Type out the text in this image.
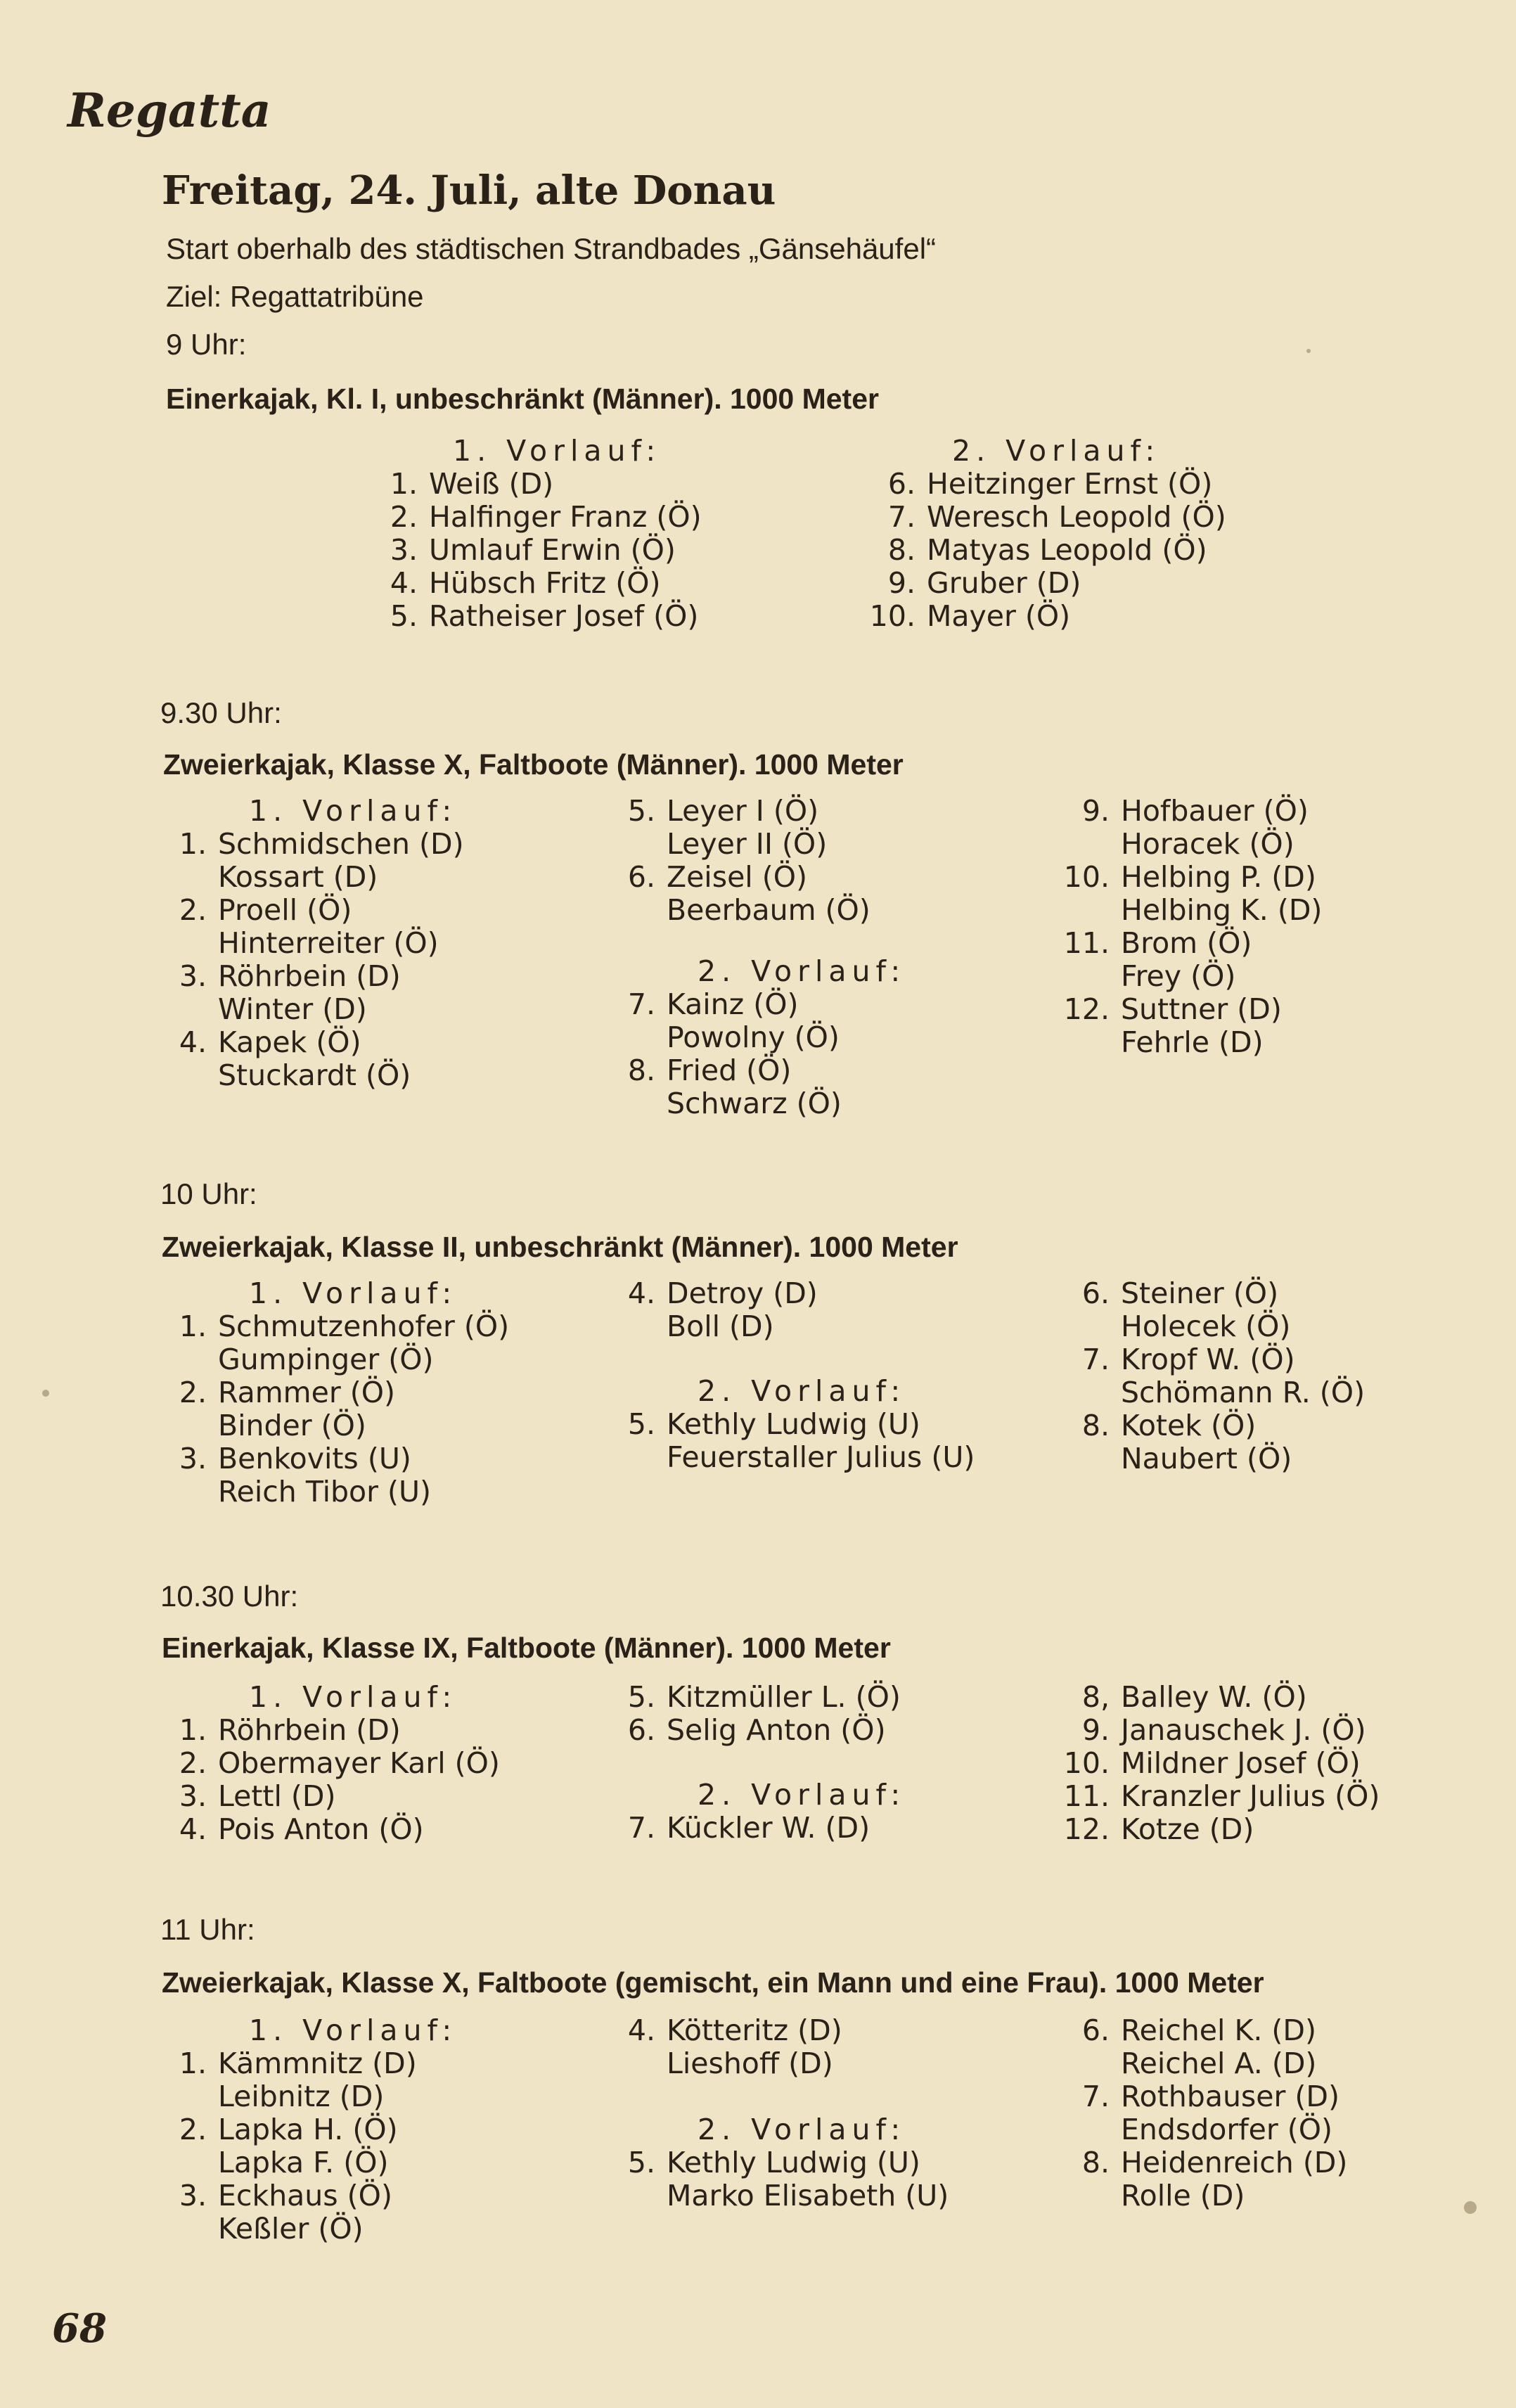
Regatta
Freitag, 24. Juli, alte Donau
Start oberhalb des städtischen Strandbades „Gänsehäufel“
Ziel: Regattatribüne
9 Uhr:
Einerkajak, Kl. I, unbeschränkt (Männer). 1000 Meter
1. Vorlauf:
1. Weiß (D)
2. Halfinger Franz (Ö)
3. Umlauf Erwin (Ö)
4. Hübsch Fritz (Ö)
5. Ratheiser Josef (Ö)
2. Vorlauf:
6. Heitzinger Ernst (Ö)
7. Weresch Leopold (Ö)
8. Matyas Leopold (Ö)
9. Gruber (D)
10. Mayer (Ö)
9.30 Uhr:
Zweierkajak, Klasse X, Faltboote (Männer). 1000 Meter
1. Vorlauf:
1. Schmidschen (D)
Kossart (D)
2. Proell (Ö)
Hinterreiter (Ö)
3. Röhrbein (D)
Winter (D)
4. Kapek (Ö)
Stuckardt (Ö)
5. Leyer I (Ö)
Leyer II (Ö)
6. Zeisel (Ö)
Beerbaum (Ö)
2. Vorlauf:
7. Kainz (Ö)
Powolny (Ö)
8. Fried (Ö)
Schwarz (Ö)
9. Hofbauer (Ö)
Horacek (Ö)
10. Helbing P. (D)
Helbing K. (D)
11. Brom (Ö)
Frey (Ö)
12. Suttner (D)
Fehrle (D)
10 Uhr:
Zweierkajak, Klasse II, unbeschränkt (Männer). 1000 Meter
1. Vorlauf:
1. Schmutzenhofer (Ö)
Gumpinger (Ö)
2. Rammer (Ö)
Binder (Ö)
3. Benkovits (U)
Reich Tibor (U)
4. Detroy (D)
Boll (D)
2. Vorlauf:
5. Kethly Ludwig (U)
Feuerstaller Julius (U)
6. Steiner (Ö)
Holecek (Ö)
7. Kropf W. (Ö)
Schömann R. (Ö)
8. Kotek (Ö)
Naubert (Ö)
10.30 Uhr:
Einerkajak, Klasse IX, Faltboote (Männer). 1000 Meter
1. Vorlauf:
1. Röhrbein (D)
2. Obermayer Karl (Ö)
3. Lettl (D)
4. Pois Anton (Ö)
5. Kitzmüller L. (Ö)
6. Selig Anton (Ö)
2. Vorlauf:
7. Kückler W. (D)
8, Balley W. (Ö)
9. Janauschek J. (Ö)
10. Mildner Josef (Ö)
11. Kranzler Julius (Ö)
12. Kotze (D)
11 Uhr:
Zweierkajak, Klasse X, Faltboote (gemischt, ein Mann und eine Frau). 1000 Meter
1. Vorlauf:
1. Kämmnitz (D)
Leibnitz (D)
2. Lapka H. (Ö)
Lapka F. (Ö)
3. Eckhaus (Ö)
Keßler (Ö)
4. Kötteritz (D)
Lieshoff (D)
2. Vorlauf:
5. Kethly Ludwig (U)
Marko Elisabeth (U)
6. Reichel K. (D)
Reichel A. (D)
7. Rothbauser (D)
Endsdorfer (Ö)
8. Heidenreich (D)
Rolle (D)
68
